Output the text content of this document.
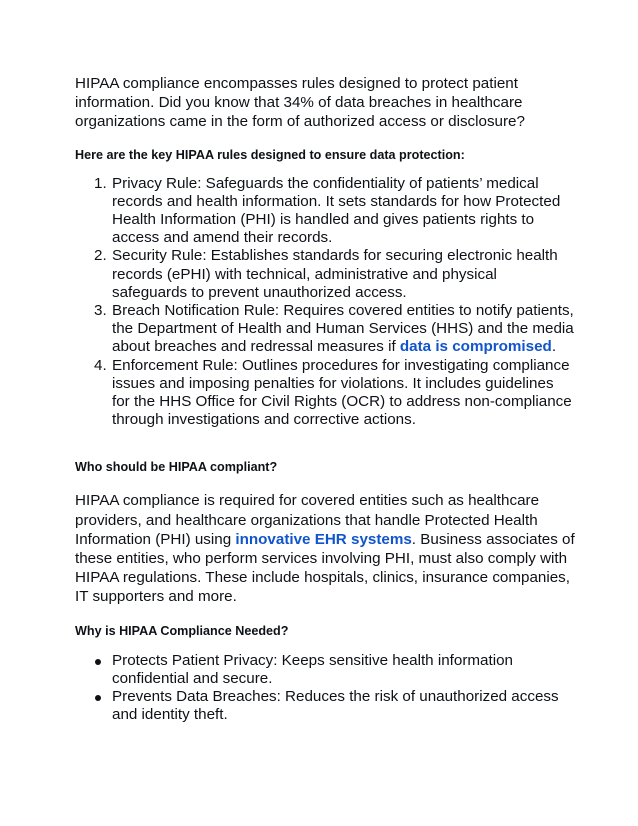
HIPAA compliance encompasses rules designed to protect patient information. Did you know that 34% of data breaches in healthcare organizations came in the form of authorized access or disclosure?

Here are the key HIPAA rules designed to ensure data protection:
1. Privacy Rule: Safeguards the confidentiality of patients’ medical records and health information. It sets standards for how Protected Health Information (PHI) is handled and gives patients rights to access and amend their records.
2. Security Rule: Establishes standards for securing electronic health records (ePHI) with technical, administrative and physical safeguards to prevent unauthorized access.
3. Breach Notification Rule: Requires covered entities to notify patients, the Department of Health and Human Services (HHS) and the media about breaches and redressal measures if data is compromised.
4. Enforcement Rule: Outlines procedures for investigating compliance issues and imposing penalties for violations. It includes guidelines for the HHS Office for Civil Rights (OCR) to address non-compliance through investigations and corrective actions.
Who should be HIPAA compliant?

HIPAA compliance is required for covered entities such as healthcare providers, and healthcare organizations that handle Protected Health Information (PHI) using innovative EHR systems. Business associates of these entities, who perform services involving PHI, must also comply with HIPAA regulations. These include hospitals, clinics, insurance companies, IT supporters and more.

Why is HIPAA Compliance Needed?
Protects Patient Privacy: Keeps sensitive health information confidential and secure.
Prevents Data Breaches: Reduces the risk of unauthorized access and identity theft.
